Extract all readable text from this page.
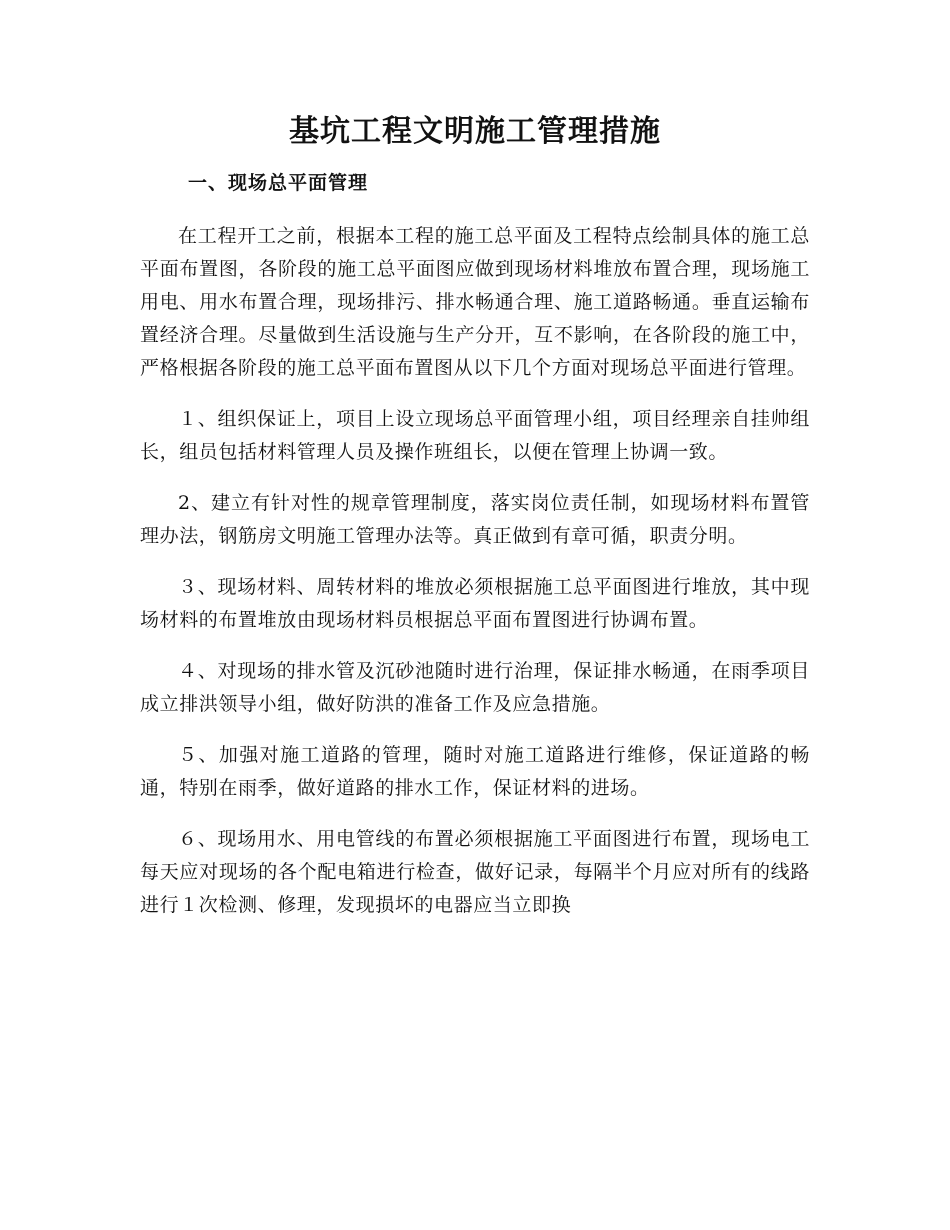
基坑工程文明施工管理措施
一、现场总平面管理

在工程开工之前，根据本工程的施工总平面及工程特点绘制具体的施工总平面布置图，各阶段的施工总平面图应做到现场材料堆放布置合理，现场施工用电、用水布置合理，现场排污、排水畅通合理、施工道路畅通。垂直运输布置经济合理。尽量做到生活设施与生产分开，互不影响，在各阶段的施工中，严格根据各阶段的施工总平面布置图从以下几个方面对现场总平面进行管理。

１、组织保证上，项目上设立现场总平面管理小组，项目经理亲自挂帅组长，组员包括材料管理人员及操作班组长，以便在管理上协调一致。

2、建立有针对性的规章管理制度，落实岗位责任制，如现场材料布置管理办法，钢筋房文明施工管理办法等。真正做到有章可循，职责分明。

３、现场材料、周转材料的堆放必须根据施工总平面图进行堆放，其中现场材料的布置堆放由现场材料员根据总平面布置图进行协调布置。

４、对现场的排水管及沉砂池随时进行治理，保证排水畅通，在雨季项目成立排洪领导小组，做好防洪的准备工作及应急措施。

５、加强对施工道路的管理，随时对施工道路进行维修，保证道路的畅通，特别在雨季，做好道路的排水工作，保证材料的进场。

６、现场用水、用电管线的布置必须根据施工平面图进行布置，现场电工每天应对现场的各个配电箱进行检查，做好记录，每隔半个月应对所有的线路进行１次检测、修理，发现损坏的电器应当立即换
